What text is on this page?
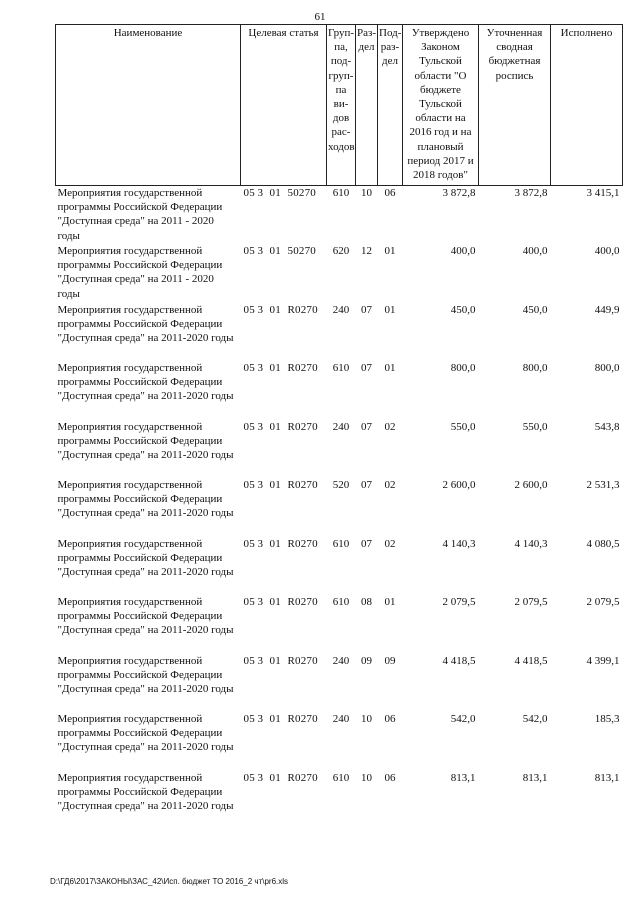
61
Наименование	Целевая статья	Груп-па, под-груп-па ви-дов рас-ходов	Раз-дел	Под-раз-дел	Утверждено Законом Тульской области "О бюджете Тульской области на 2016 год и на плановый период 2017 и 2018 годов"	Уточненная сводная бюджетная роспись	Исполнено
Мероприятия государственной программы Российской Федерации "Доступная среда" на 2011 - 2020 годы	05 3 01 50270	610	10	06	3 872,8	3 872,8	3 415,1
Мероприятия государственной программы Российской Федерации "Доступная среда" на 2011 - 2020 годы	05 3 01 50270	620	12	01	400,0	400,0	400,0
Мероприятия государственной программы Российской Федерации "Доступная среда" на 2011-2020 годы	05 3 01 R0270	240	07	01	450,0	450,0	449,9
Мероприятия государственной программы Российской Федерации "Доступная среда" на 2011-2020 годы	05 3 01 R0270	610	07	01	800,0	800,0	800,0
Мероприятия государственной программы Российской Федерации "Доступная среда" на 2011-2020 годы	05 3 01 R0270	240	07	02	550,0	550,0	543,8
Мероприятия государственной программы Российской Федерации "Доступная среда" на 2011-2020 годы	05 3 01 R0270	520	07	02	2 600,0	2 600,0	2 531,3
Мероприятия государственной программы Российской Федерации "Доступная среда" на 2011-2020 годы	05 3 01 R0270	610	07	02	4 140,3	4 140,3	4 080,5
Мероприятия государственной программы Российской Федерации "Доступная среда" на 2011-2020 годы	05 3 01 R0270	610	08	01	2 079,5	2 079,5	2 079,5
Мероприятия государственной программы Российской Федерации "Доступная среда" на 2011-2020 годы	05 3 01 R0270	240	09	09	4 418,5	4 418,5	4 399,1
Мероприятия государственной программы Российской Федерации "Доступная среда" на 2011-2020 годы	05 3 01 R0270	240	10	06	542,0	542,0	185,3
Мероприятия государственной программы Российской Федерации "Доступная среда" на 2011-2020 годы	05 3 01 R0270	610	10	06	813,1	813,1	813,1
D:\ГД6\2017\ЗАКОНЫ\ЗАС_42\Исп. бюджет ТО 2016_2 чт\pr6.xls
